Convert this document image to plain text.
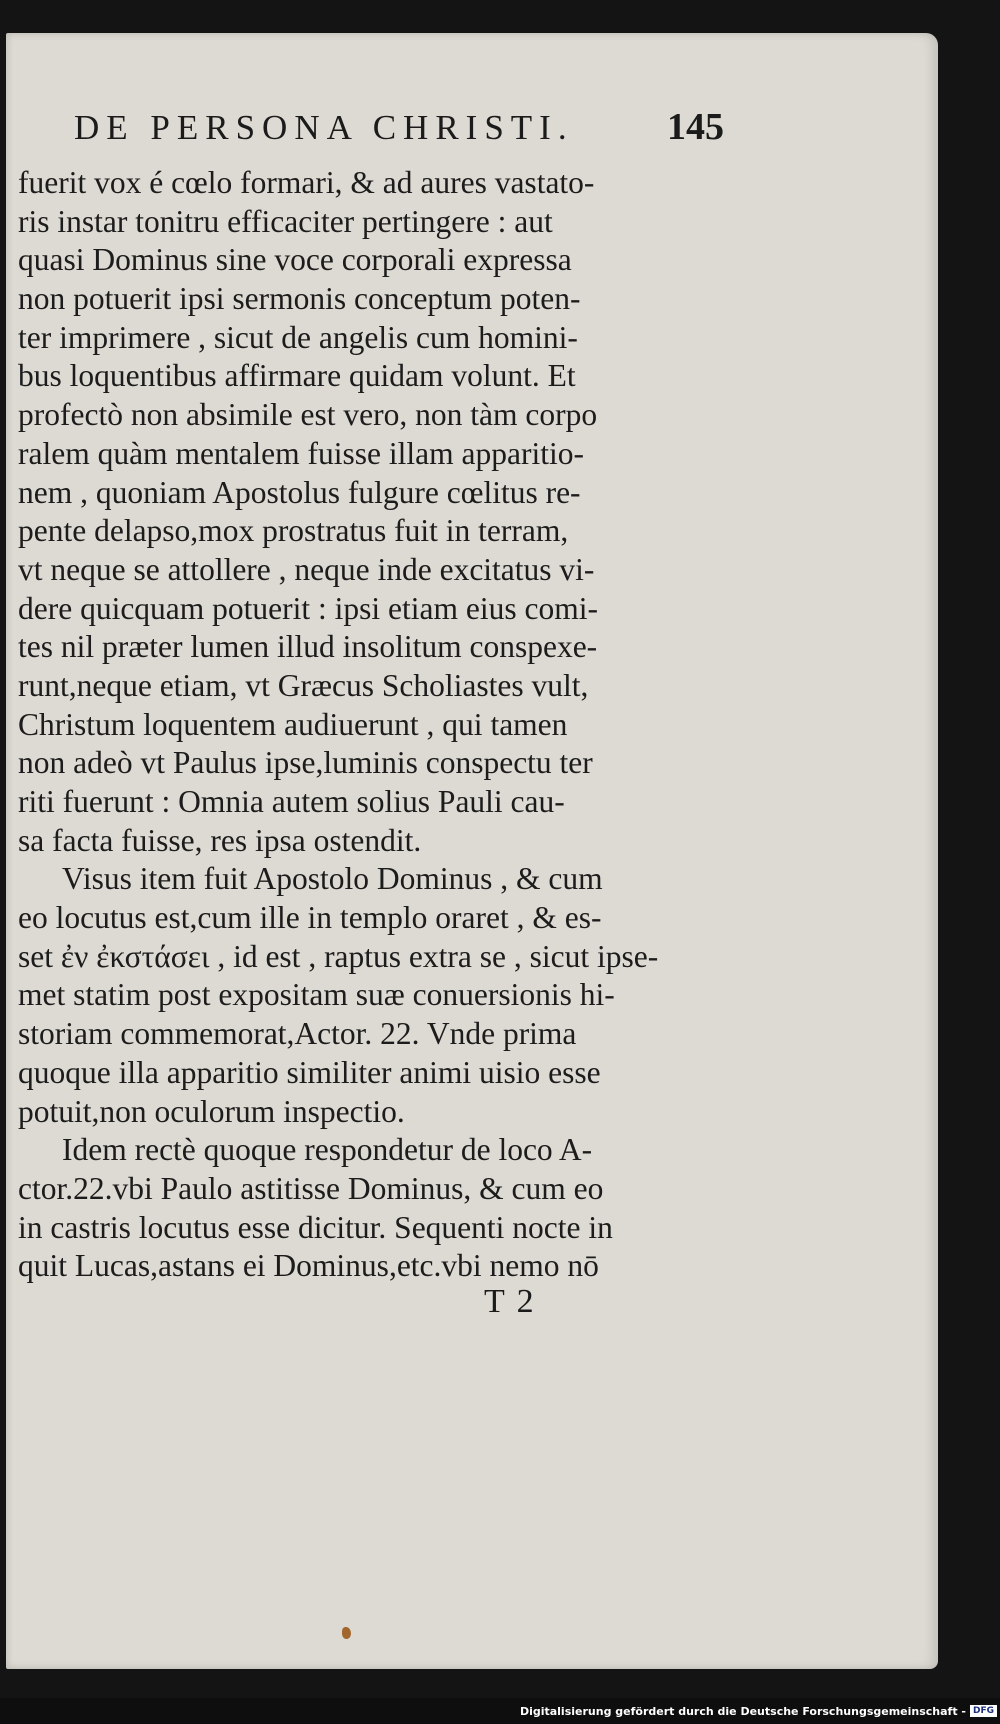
DE PERSONA CHRISTI. 145
fuerit vox é cœlo formari, & ad aures vastato-
ris instar tonitru efficaciter pertingere : aut
quasi Dominus sine voce corporali expressa
non potuerit ipsi sermonis conceptum poten-
ter imprimere , sicut de angelis cum homini-
bus loquentibus affirmare quidam volunt. Et
profectò non absimile est vero, non tàm corpo
ralem quàm mentalem fuisse illam apparitio-
nem , quoniam Apostolus fulgure cœlitus re-
pente delapso,mox prostratus fuit in terram,
vt neque se attollere , neque inde excitatus vi-
dere quicquam potuerit : ipsi etiam eius comi-
tes nil præter lumen illud insolitum conspexe-
runt,neque etiam, vt Græcus Scholiastes vult,
Christum loquentem audiuerunt , qui tamen
non adeò vt Paulus ipse,luminis conspectu ter
riti fuerunt : Omnia autem solius Pauli cau-
sa facta fuisse, res ipsa ostendit.
Visus item fuit Apostolo Dominus , & cum
eo locutus est,cum ille in templo oraret , & es-
set ἐν ἐκστάσει , id est , raptus extra se , sicut ipse-
met statim post expositam suæ conuersionis hi-
storiam commemorat,Actor. 22. Vnde prima
quoque illa apparitio similiter animi uisio esse
potuit,non oculorum inspectio.
Idem rectè quoque respondetur de loco A-
ctor.22.vbi Paulo astitisse Dominus, & cum eo
in castris locutus esse dicitur. Sequenti nocte in
quit Lucas,astans ei Dominus,etc.vbi nemo nō
T 2
Digitalisierung gefördert durch die Deutsche Forschungsgemeinschaft - DFG
